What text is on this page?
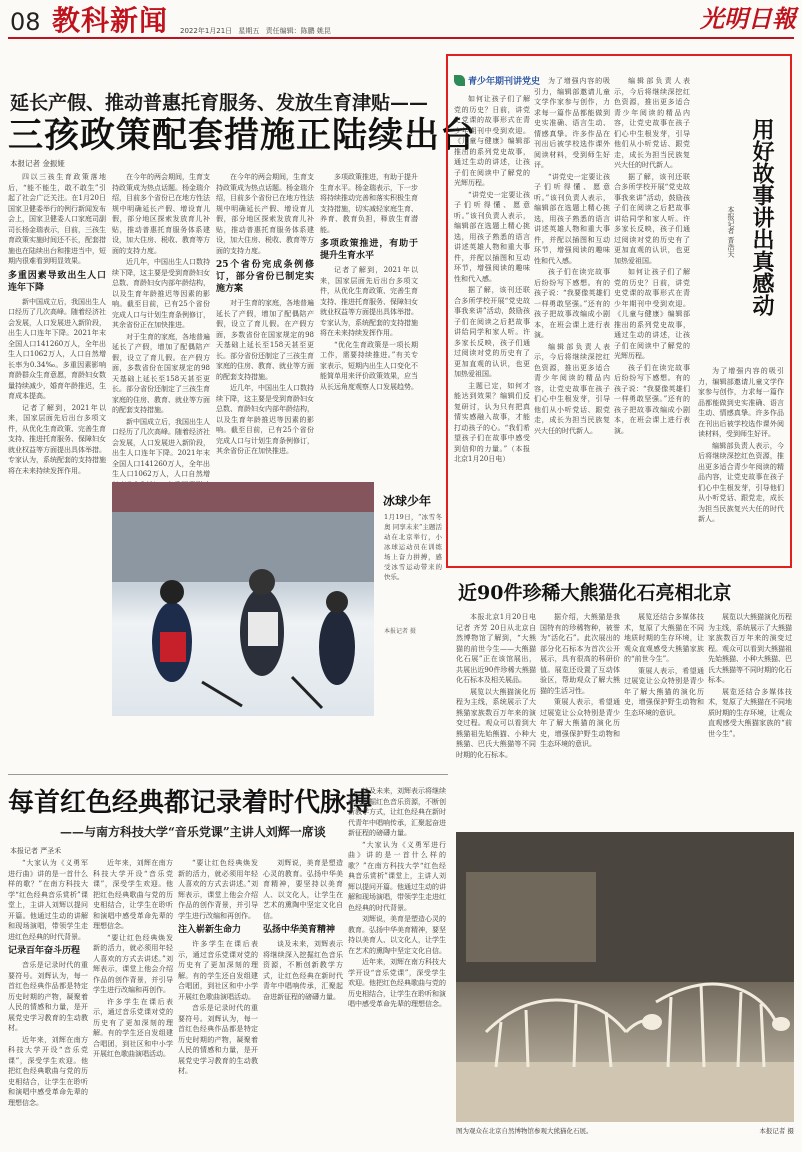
08 教科新闻 2022年1月21日 星期五 责任编辑：陈鹏 姚昆	光明日報
延长产假、推动普惠托育服务、发放生育津贴——
三孩政策配套措施正陆续出台
本报记者 金振娅

四以三孩生育政策落地后，“能不能生，敢不敢生”引起了社会广泛关注。在1月20日国家卫健委举行的例行新闻发布会上，国家卫健委人口家庭司副司长杨金瑞表示，目前，三孩生育政策实施时间还不长，配套措施也在陆续出台和推进当中，短期内很难看到明显效果。

多重因素导致出生人口连年下降

新中国成立后，我国出生人口经历了几次高峰。随着经济社会发展，人口发展进入新阶段，出生人口连年下降。2021年末全国人口141260万人，全年出生人口1062万人，人口自然增长率为0.34‰。多重因素影响育龄群众生育意愿，育龄妇女数量持续减少，婚育年龄推迟，生育成本提高。

记者了解到，2021年以来，国家层面先后出台多项文件，从优化生育政策、完善生育支持、推进托育服务、保障妇女就业权益等方面提出具体举措。专家认为，系统配套的支持措施将在未来持续发挥作用。

在今年的两会期间，生育支持政策成为热点话题。杨金瑞介绍，目前多个省份已在地方性法规中明确延长产假、增设育儿假，部分地区探索发放育儿补贴，推动普惠托育服务体系建设，加大住房、税收、教育等方面的支持力度。

近几年，中国出生人口数持续下降，这主要是受到育龄妇女总数、育龄妇女内部年龄结构，以及生育年龄推迟等因素的影响。截至目前，已有25个省份完成人口与计划生育条例修订，其余省份正在加快推进。

对于生育的家庭，各地普遍延长了产假，增加了配偶陪产假，设立了育儿假。在产假方面，多数省份在国家规定的98天基础上延长至158天甚至更长。部分省份还制定了三孩生育家庭的住房、教育、就业等方面的配套支持措施。

新中国成立后，我国出生人口经历了几次高峰。随着经济社会发展，人口发展进入新阶段，出生人口连年下降。2021年末全国人口141260万人，全年出生人口1062万人，人口自然增

在今年的两会期间，生育支持政策成为热点话题。杨金瑞介绍，目前多个省份已在地方性法规中明确延长产假、增设育儿假，部分地区探索发放育儿补贴，推动普惠托育服务体系建设，加大住房、税收、教育等方面的支持力度。

25个省份完成条例修订，部分省份已制定实施方案

对于生育的家庭，各地普遍延长了产假，增加了配偶陪产假，设立了育儿假。在产假方面，多数省份在国家规定的98天基础上延长至158天甚至更长。部分省份还制定了三孩生育家庭的住房、教育、就业等方面的配套支持措施。

近几年，中国出生人口数持续下降，这主要是受到育龄妇女总数、育龄妇女内部年龄结构，以及生育年龄推迟等因素的影响。截至目前，已有25个省份完成人口与计划生育条例修订，其余省份正在加快推进。

多项政策推进，有助于提升生育水平。杨金瑞表示，下一步将持续推动完善和落实积极生育支持措施，切实减轻家庭生育、养育、教育负担，释放生育潜能。

多项政策推进，有助于提升生育水平

记者了解到，2021年以来，国家层面先后出台多项文件，从优化生育政策、完善生育支持、推进托育服务、保障妇女就业权益等方面提出具体举措。专家认为，系统配套的支持措施将在未来持续发挥作用。

“优化生育政策是一项长期工作，需要持续推进。”有关专家表示，短期内出生人口变化不能简单用来评价政策效果，应当从长远角度观察人口发展趋势。

青少年期刊讲党史

如何让孩子们了解党的历史？日前，讲党史党课的故事形式在青少年期刊中受到欢迎。《儿童与健康》编辑部推出的系列党史故事，通过生动的讲述，让孩子们在阅读中了解党的光辉历程。

“讲党史一定要让孩子们听得懂、愿意听。”该刊负责人表示，编辑部在选题上精心挑选，用孩子熟悉的语言讲述英雄人物和重大事件，并配以插图和互动环节，增强阅读的趣味性和代入感。

据了解，该刊还联合多所学校开展“党史故事我来讲”活动，鼓励孩子们在阅读之后把故事讲给同学和家人听。许多家长反映，孩子们通过阅读对党的历史有了更加直观的认识，也更加热爱祖国。

主题已定，如何才能达到效果？编辑们反复研讨，认为只有把真情实感融入故事，才能打动孩子的心。“我们希望孩子们在故事中感受到信仰的力量。”（本报北京1月20日电）

为了增强内容的吸引力，编辑部邀请儿童文学作家参与创作，力求每一篇作品都能做到史实准确、语言生动、情感真挚。许多作品在刊出后被学校选作课外阅读材料，受到师生好评。

“讲党史一定要让孩子们听得懂、愿意听。”该刊负责人表示，编辑部在选题上精心挑选，用孩子熟悉的语言讲述英雄人物和重大事件，并配以插图和互动环节，增强阅读的趣味性和代入感。

孩子们在读完故事后纷纷写下感想。有的孩子说：“我要像英雄们一样勇敢坚强。”还有的孩子把故事改编成小剧本，在班会课上进行表演。

编辑部负责人表示，今后将继续深挖红色资源，推出更多适合青少年阅读的精品内容，让党史故事在孩子们心中生根发芽，引导他们从小听党话、跟党走，成长为担当民族复兴大任的时代新人。

编辑部负责人表示，今后将继续深挖红色资源，推出更多适合青少年阅读的精品内容，让党史故事在孩子们心中生根发芽，引导他们从小听党话、跟党走，成长为担当民族复兴大任的时代新人。

据了解，该刊还联合多所学校开展“党史故事我来讲”活动，鼓励孩子们在阅读之后把故事讲给同学和家人听。许多家长反映，孩子们通过阅读对党的历史有了更加直观的认识，也更加热爱祖国。

如何让孩子们了解党的历史？日前，讲党史党课的故事形式在青少年期刊中受到欢迎。《儿童与健康》编辑部推出的系列党史故事，通过生动的讲述，让孩子们在阅读中了解党的光辉历程。

孩子们在读完故事后纷纷写下感想。有的孩子说：“我要像英雄们一样勇敢坚强。”还有的孩子把故事改编成小剧本，在班会课上进行表演。

用好故事讲出真感动
本报记者 晋浩天

为了增强内容的吸引力，编辑部邀请儿童文学作家参与创作，力求每一篇作品都能做到史实准确、语言生动、情感真挚。许多作品在刊出后被学校选作课外阅读材料，受到师生好评。

编辑部负责人表示，今后将继续深挖红色资源，推出更多适合青少年阅读的精品内容，让党史故事在孩子们心中生根发芽，引导他们从小听党话、跟党走，成长为担当民族复兴大任的时代新人。

冰球少年
1月19日，“冰雪冬奥 同享未来”主题活动在北京举行，小冰球运动员在训练场上奋力拼搏，感受冰雪运动带来的快乐。
本报记者 摄
近90件珍稀大熊猫化石亮相北京

本报北京1月20日电 记者 齐芳 20日从北京自然博物馆了解到，“大熊猫的前世今生——大熊猫化石展”正在该馆展出，共展出近90件珍稀大熊猫化石标本及相关展品。

展览以大熊猫演化历程为主线，系统展示了大熊猫家族数百万年来的演变过程。观众可以看到大熊猫祖先始熊猫、小种大熊猫、巴氏大熊猫等不同时期的化石标本。

据介绍，大熊猫是我国特有的珍稀物种，被誉为“活化石”。此次展出的部分化石标本为首次公开展示，具有很高的科研价值。展览还设置了互动体验区，帮助观众了解大熊猫的生活习性。

策展人表示，希望通过展览让公众特别是青少年了解大熊猫的演化历史，增强保护野生动物和生态环境的意识。

展览还结合多媒体技术，复原了大熊猫在不同地质时期的生存环境，让观众直观感受大熊猫家族的“前世今生”。

策展人表示，希望通过展览让公众特别是青少年了解大熊猫的演化历史，增强保护野生动物和生态环境的意识。

展览以大熊猫演化历程为主线，系统展示了大熊猫家族数百万年来的演变过程。观众可以看到大熊猫祖先始熊猫、小种大熊猫、巴氏大熊猫等不同时期的化石标本。

展览还结合多媒体技术，复原了大熊猫在不同地质时期的生存环境，让观众直观感受大熊猫家族的“前世今生”。

图为观众在北京自然博物馆参观大熊猫化石展。	本报记者 摄
每首红色经典都记录着时代脉搏
——与南方科技大学“音乐党课”主讲人刘辉一席谈
本报记者 严圣禾

“大家认为《义勇军进行曲》讲的是一首什么样的歌？”在南方科技大学“红色经典音乐赏析”课堂上，主讲人刘辉以提问开篇。他通过生动的讲解和现场演唱，带领学生走进红色经典的时代背景。

记录百年奋斗历程

音乐是记录时代的重要符号。刘辉认为，每一首红色经典作品都是特定历史时期的产物，凝聚着人民的情感和力量，是开展党史学习教育的生动教材。

近年来，刘辉在南方科技大学开设“音乐党课”，深受学生欢迎。他把红色经典歌曲与党的历史相结合，让学生在聆听和演唱中感受革命先辈的理想信念。

近年来，刘辉在南方科技大学开设“音乐党课”，深受学生欢迎。他把红色经典歌曲与党的历史相结合，让学生在聆听和演唱中感受革命先辈的理想信念。

“要让红色经典焕发新的活力，就必须用年轻人喜欢的方式去讲述。”刘辉表示，课堂上他会介绍作品的创作背景，并引导学生进行改编和再创作。

许多学生在课后表示，通过音乐党课对党的历史有了更加深刻的理解。有的学生还自发组建合唱团，到社区和中小学开展红色歌曲演唱活动。

“要让红色经典焕发新的活力，就必须用年轻人喜欢的方式去讲述。”刘辉表示，课堂上他会介绍作品的创作背景，并引导学生进行改编和再创作。

注入崭新生命力

许多学生在课后表示，通过音乐党课对党的历史有了更加深刻的理解。有的学生还自发组建合唱团，到社区和中小学开展红色歌曲演唱活动。

音乐是记录时代的重要符号。刘辉认为，每一首红色经典作品都是特定历史时期的产物，凝聚着人民的情感和力量，是开展党史学习教育的生动教材。

刘辉说，美育是塑造心灵的教育。弘扬中华美育精神，要坚持以美育人、以文化人，让学生在艺术的熏陶中坚定文化自信。

弘扬中华美育精神

谈及未来，刘辉表示将继续深入挖掘红色音乐资源，不断创新教学方式，让红色经典在新时代青年中唱响传承，汇聚起奋进新征程的磅礴力量。

谈及未来，刘辉表示将继续深入挖掘红色音乐资源，不断创新教学方式，让红色经典在新时代青年中唱响传承，汇聚起奋进新征程的磅礴力量。

“大家认为《义勇军进行曲》讲的是一首什么样的歌？”在南方科技大学“红色经典音乐赏析”课堂上，主讲人刘辉以提问开篇。他通过生动的讲解和现场演唱，带领学生走进红色经典的时代背景。

刘辉说，美育是塑造心灵的教育。弘扬中华美育精神，要坚持以美育人、以文化人，让学生在艺术的熏陶中坚定文化自信。

近年来，刘辉在南方科技大学开设“音乐党课”，深受学生欢迎。他把红色经典歌曲与党的历史相结合，让学生在聆听和演唱中感受革命先辈的理想信念。
